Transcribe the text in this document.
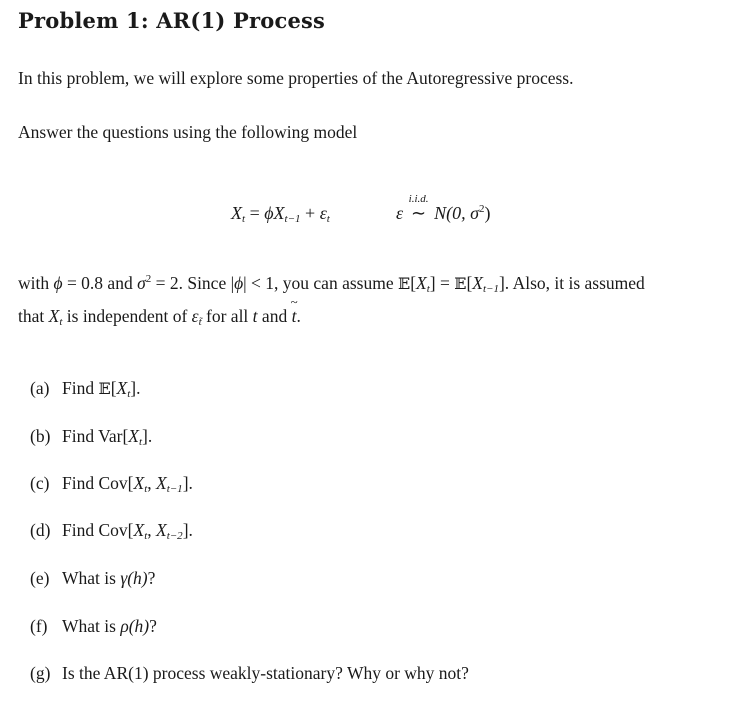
Problem 1: AR(1) Process
In this problem, we will explore some properties of the Autoregressive process.
Answer the questions using the following model
$X_t = \phi X_{t-1} + \varepsilon_t$	ε
i.i.d.
∼ N(0, $\sigma^2$)
with ϕ = 0.8 and $\sigma^2 = 2$. Since |ϕ| < 1, you can assume $𝔼[X_t]$ = $𝔼[X_{t-1}]$. Also, it is assumed
that $X_t$ is independent of $\varepsilon_{t̃}$ for all t and ~ t.
(a) Find $𝔼[X_t]$.
(b) Find $Var[X_t]$.
(c) Find $Cov[X_t$, $X_{t-1}$].
(d) Find $Cov[X_t$, $X_{t-2}$].
(e) What is γ(h)?
(f) What is ρ(h)?
(g) Is the AR(1) process weakly-stationary? Why or why not?
